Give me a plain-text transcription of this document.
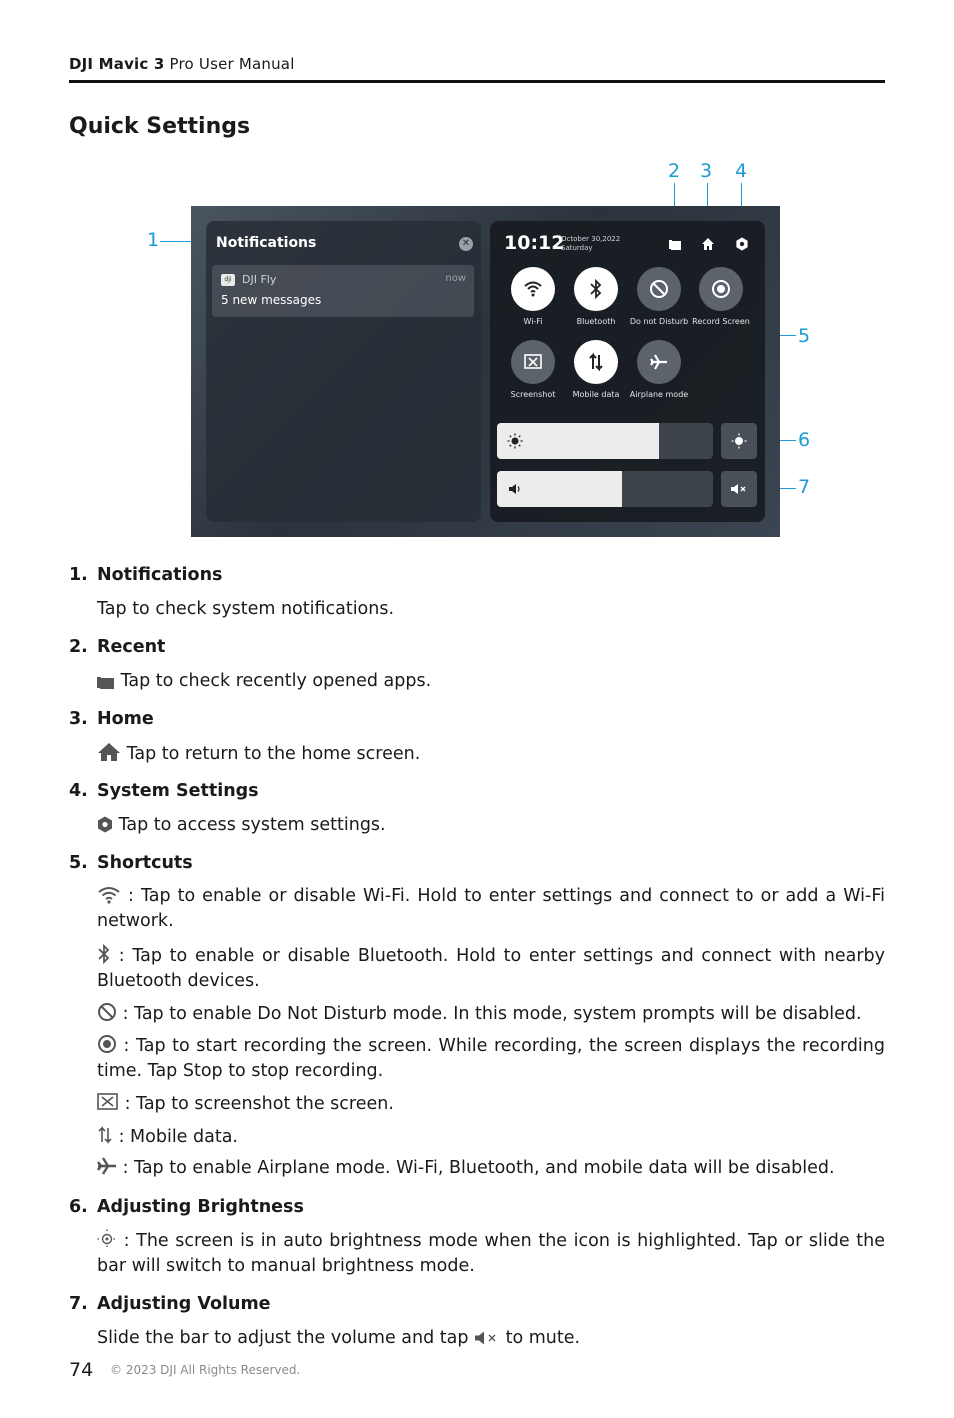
DJI Mavic 3 Pro User Manual
Quick Settings
1
2 3 4
5
6
7
Notifications	✕
dji DJI Fly	now
5 new messages
10:12
October 30,2022
Saturday
Wi-Fi	Bluetooth	Do not Disturb Record Screen
Screenshot	Mobile data	Airplane mode
1. Notifications
Tap to check system notifications.
2. Recent
Tap to check recently opened apps.
3. Home
Tap to return to the home screen.
4. System Settings
Tap to access system settings.
5. Shortcuts
: Tap to enable or disable Wi-Fi. Hold to enter settings and connect to or add a Wi-Fi network.
: Tap to enable or disable Bluetooth. Hold to enter settings and connect with nearby Bluetooth devices.
: Tap to enable Do Not Disturb mode. In this mode, system prompts will be disabled.
: Tap to start recording the screen. While recording, the screen displays the recording time. Tap Stop to stop recording.
: Tap to screenshot the screen.
: Mobile data.
: Tap to enable Airplane mode. Wi-Fi, Bluetooth, and mobile data will be disabled.
6. Adjusting Brightness
: The screen is in auto brightness mode when the icon is highlighted. Tap or slide the bar will switch to manual brightness mode.
7. Adjusting Volume
Slide the bar to adjust the volume and tap to mute.
74 © 2023 DJI All Rights Reserved.
